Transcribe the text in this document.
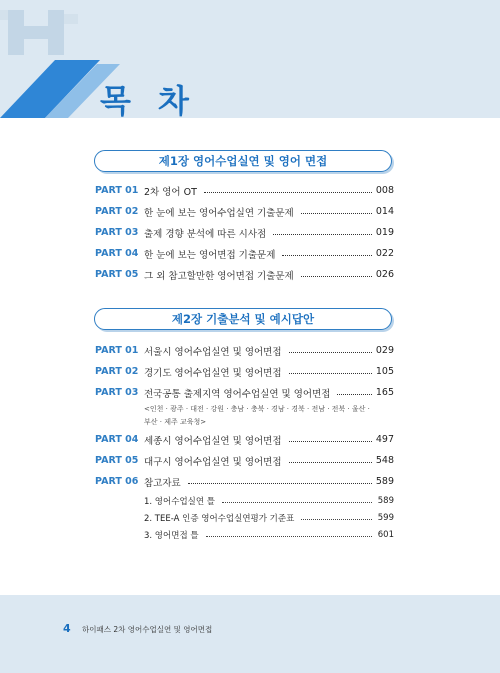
목 차
제1장 영어수업실연 및 영어 면접
PART 01 2차 영어 OT	008
PART 02 한 눈에 보는 영어수업실연 기출문제	014
PART 03 출제 경향 분석에 따른 시사점	019
PART 04 한 눈에 보는 영어면접 기출문제	022
PART 05 그 외 참고할만한 영어면접 기출문제	026
제2장 기출분석 및 예시답안
PART 01 서울시 영어수업실연 및 영어면접	029
PART 02 경기도 영어수업실연 및 영어면접	105
PART 03 전국공통 출제지역 영어수업실연 및 영어면접	165
<인천 · 광주 · 대전 · 강원 · 충남 · 충북 · 경남 · 경북 · 전남 · 전북 · 울산 ·
부산 · 제주 교육청>
PART 04 세종시 영어수업실연 및 영어면접	497
PART 05 대구시 영어수업실연 및 영어면접	548
PART 06 참고자료	589
1. 영어수업실연 틀	589
2. TEE-A 인증 영어수업실연평가 기준표	599
3. 영어면접 틀	601
4 하이패스 2차 영어수업실연 및 영어면접
